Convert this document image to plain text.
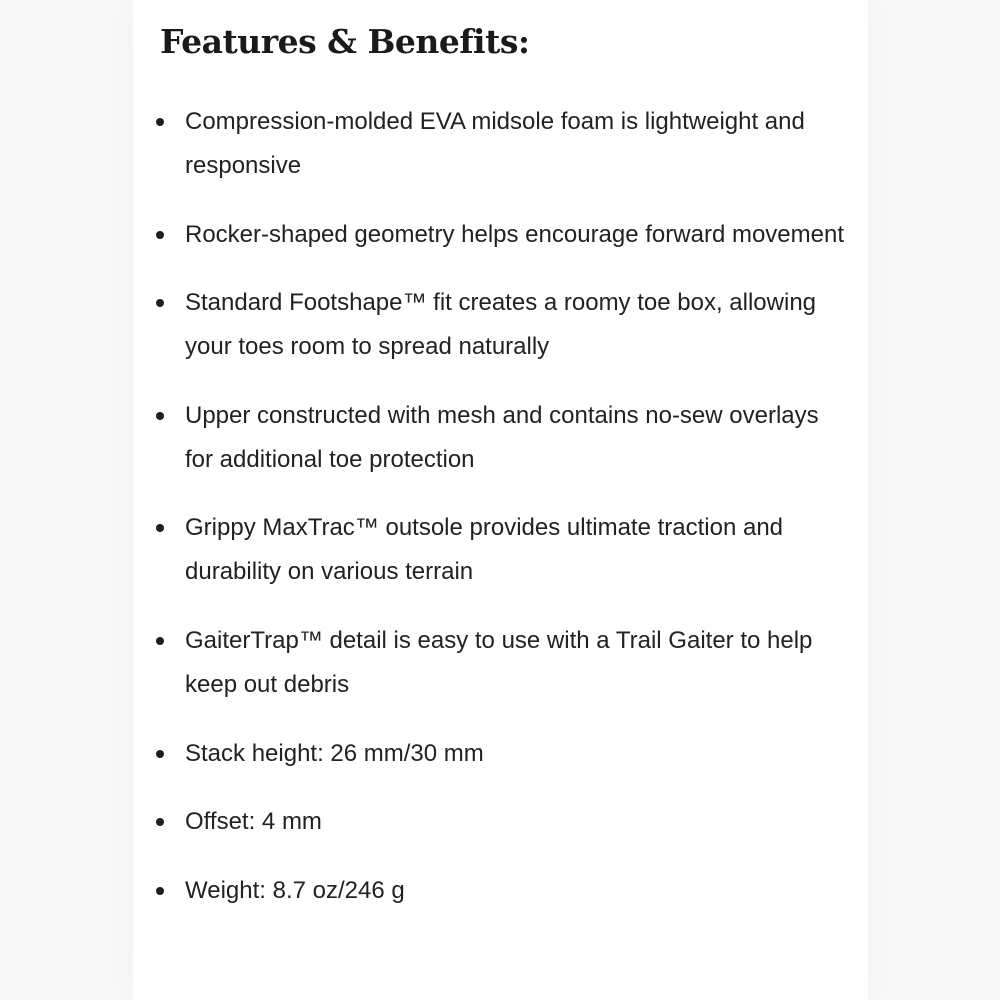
Features & Benefits:
Compression-molded EVA midsole foam is lightweight and responsive
Rocker-shaped geometry helps encourage forward movement
Standard Footshape™ fit creates a roomy toe box, allowing your toes room to spread naturally
Upper constructed with mesh and contains no-sew overlays for additional toe protection
Grippy MaxTrac™ outsole provides ultimate traction and durability on various terrain
GaiterTrap™ detail is easy to use with a Trail Gaiter to help keep out debris
Stack height: 26 mm/30 mm
Offset: 4 mm
Weight: 8.7 oz/246 g
